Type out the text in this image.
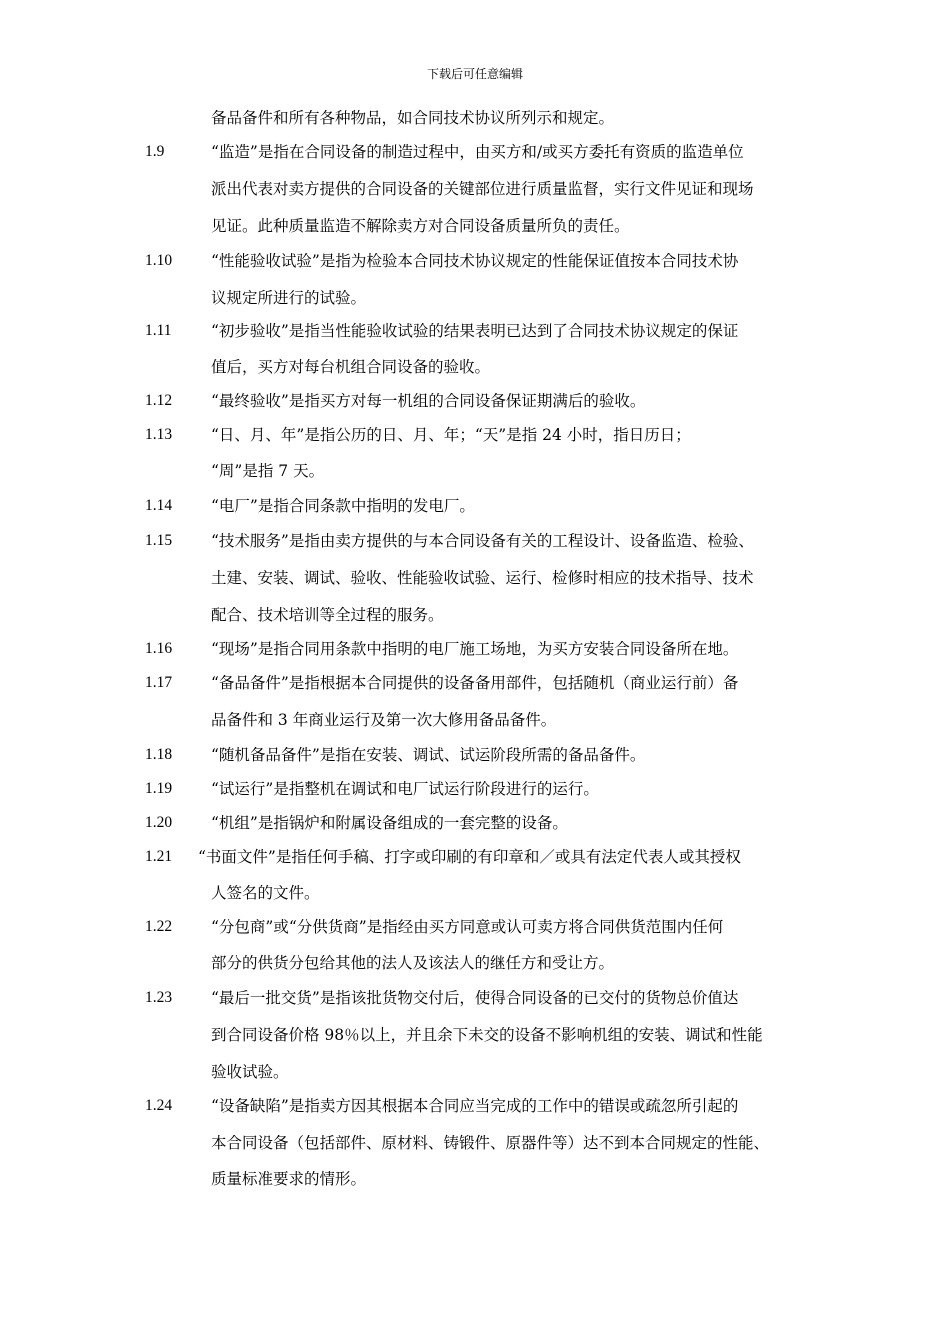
下载后可任意编辑
备品备件和所有各种物品，如合同技术协议所列示和规定。
1.9	“监造”是指在合同设备的制造过程中，由买方和/或买方委托有资质的监造单位
派出代表对卖方提供的合同设备的关键部位进行质量监督，实行文件见证和现场
见证。此种质量监造不解除卖方对合同设备质量所负的责任。
1.10	“性能验收试验”是指为检验本合同技术协议规定的性能保证值按本合同技术协
议规定所进行的试验。
1.11	“初步验收”是指当性能验收试验的结果表明已达到了合同技术协议规定的保证
值后，买方对每台机组合同设备的验收。
1.12	“最终验收”是指买方对每一机组的合同设备保证期满后的验收。
1.13	“日、月、年”是指公历的日、月、年；“天”是指 24 小时，指日历日；
“周”是指 7 天。
1.14	“电厂”是指合同条款中指明的发电厂。
1.15	“技术服务”是指由卖方提供的与本合同设备有关的工程设计、设备监造、检验、
土建、安装、调试、验收、性能验收试验、运行、检修时相应的技术指导、技术
配合、技术培训等全过程的服务。
1.16	“现场”是指合同用条款中指明的电厂施工场地，为买方安装合同设备所在地。
1.17	“备品备件”是指根据本合同提供的设备备用部件，包括随机（商业运行前）备
品备件和 3 年商业运行及第一次大修用备品备件。
1.18	“随机备品备件”是指在安装、调试、试运阶段所需的备品备件。
1.19	“试运行”是指整机在调试和电厂试运行阶段进行的运行。
1.20	“机组”是指锅炉和附属设备组成的一套完整的设备。
1.21 “书面文件”是指任何手稿、打字或印刷的有印章和／或具有法定代表人或其授权
人签名的文件。
1.22	“分包商”或“分供货商”是指经由买方同意或认可卖方将合同供货范围内任何
部分的供货分包给其他的法人及该法人的继任方和受让方。
1.23	“最后一批交货”是指该批货物交付后，使得合同设备的已交付的货物总价值达
到合同设备价格 98％以上，并且余下未交的设备不影响机组的安装、调试和性能
验收试验。
1.24	“设备缺陷”是指卖方因其根据本合同应当完成的工作中的错误或疏忽所引起的
本合同设备（包括部件、原材料、铸锻件、原器件等）达不到本合同规定的性能、
质量标准要求的情形。
